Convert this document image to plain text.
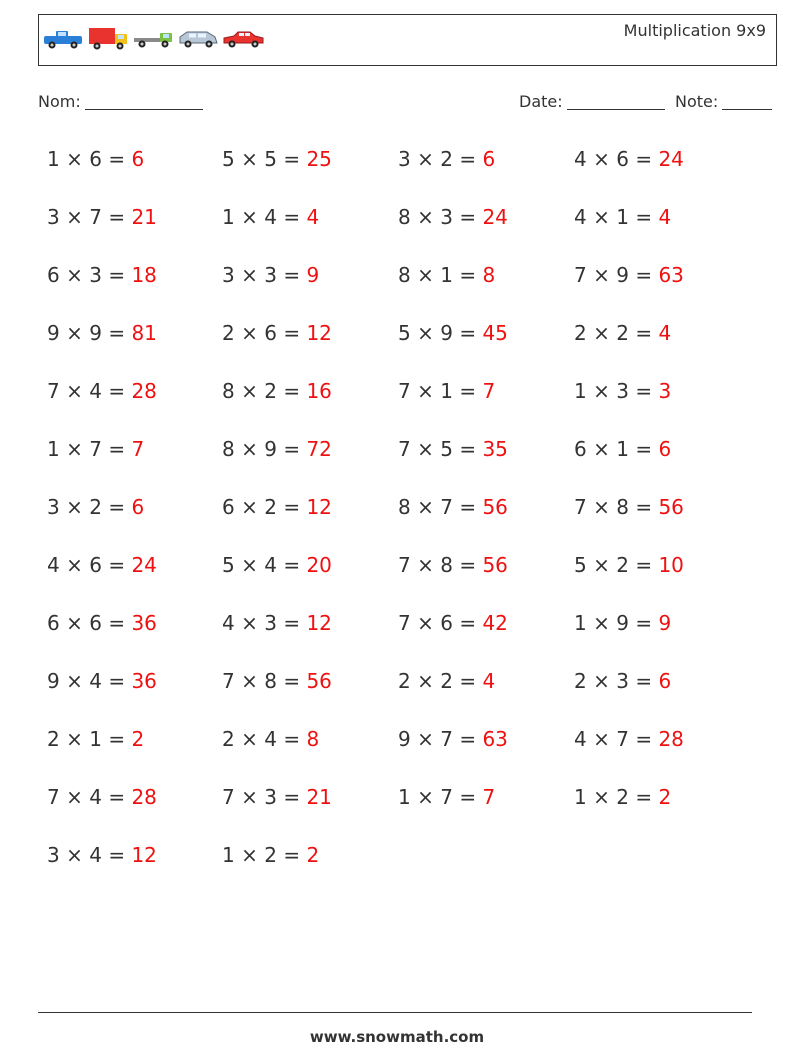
Multiplication 9x9
Nom:	Date:	Note:
1 × 6 = 6	5 × 5 = 25	3 × 2 = 6	4 × 6 = 24
3 × 7 = 21	1 × 4 = 4	8 × 3 = 24	4 × 1 = 4
6 × 3 = 18	3 × 3 = 9	8 × 1 = 8	7 × 9 = 63
9 × 9 = 81	2 × 6 = 12	5 × 9 = 45	2 × 2 = 4
7 × 4 = 28	8 × 2 = 16	7 × 1 = 7	1 × 3 = 3
1 × 7 = 7	8 × 9 = 72	7 × 5 = 35	6 × 1 = 6
3 × 2 = 6	6 × 2 = 12	8 × 7 = 56	7 × 8 = 56
4 × 6 = 24	5 × 4 = 20	7 × 8 = 56	5 × 2 = 10
6 × 6 = 36	4 × 3 = 12	7 × 6 = 42	1 × 9 = 9
9 × 4 = 36	7 × 8 = 56	2 × 2 = 4	2 × 3 = 6
2 × 1 = 2	2 × 4 = 8	9 × 7 = 63	4 × 7 = 28
7 × 4 = 28	7 × 3 = 21	1 × 7 = 7	1 × 2 = 2
3 × 4 = 12	1 × 2 = 2
www.snowmath.com
